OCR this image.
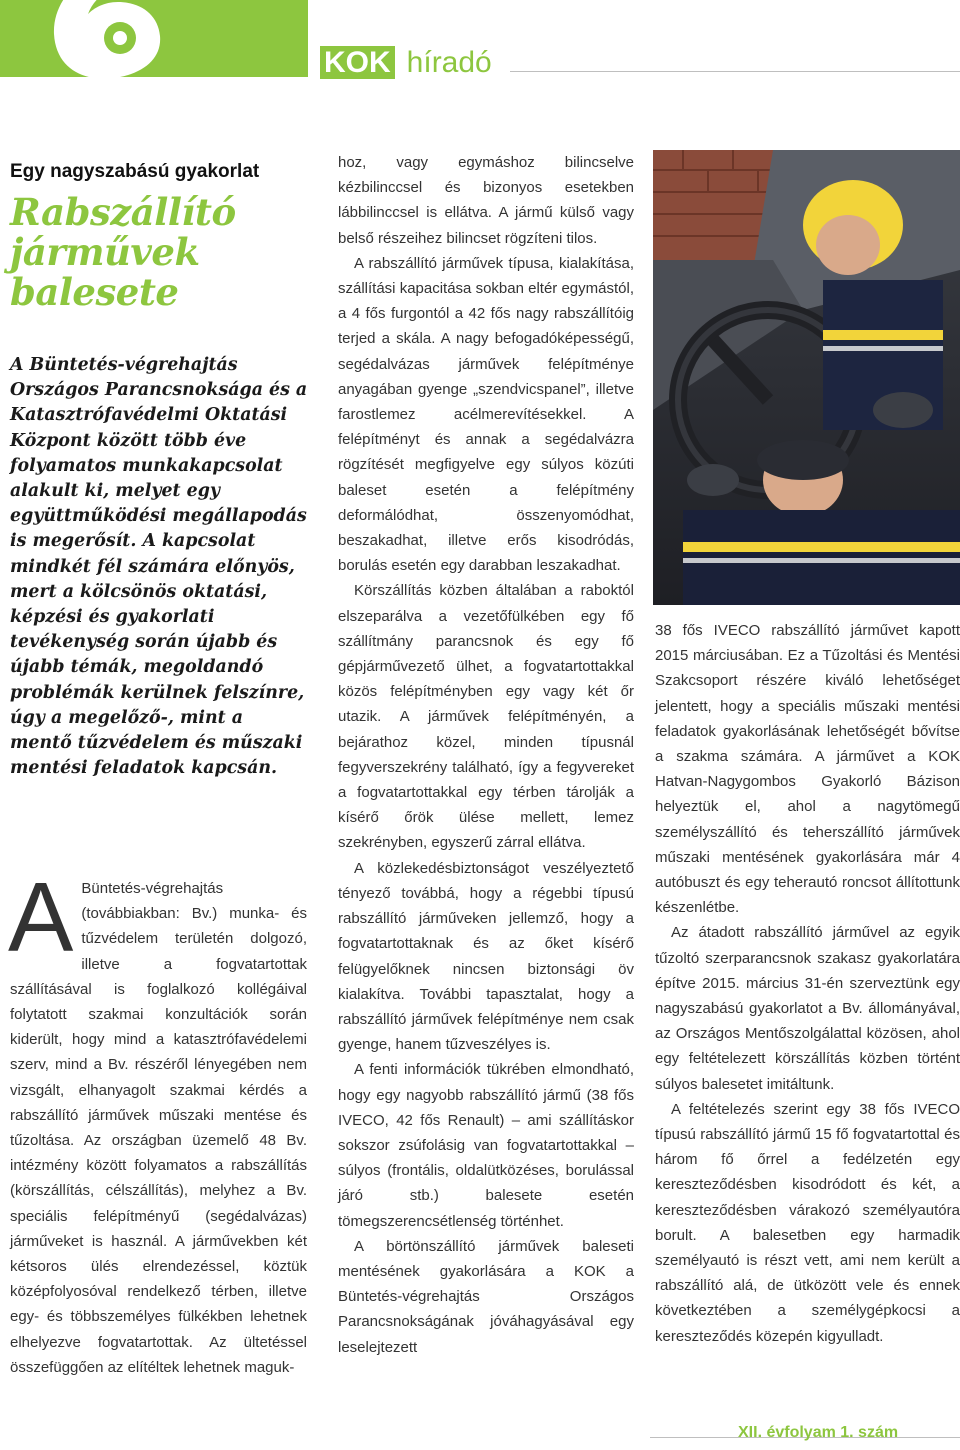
KOK híradó
Egy nagyszabású gyakorlat
Rabszállító járművek balesete

A Büntetés-végrehajtás Országos Parancsnoksága és a Katasztrófavédelmi Oktatási Központ között több éve folyamatos munkakapcsolat alakult ki, melyet egy együttműködési megállapodás is megerősít. A kapcsolat mindkét fél számára előnyös, mert a kölcsönös oktatási, képzési és gyakorlati tevékenység során újabb és újabb témák, megoldandó problémák kerülnek felszínre, úgy a megelőző-, mint a mentő tűzvédelem és műszaki mentési feladatok kapcsán.

A Büntetés-végrehajtás (továbbiakban: Bv.) munka- és tűzvédelem területén dolgozó, illetve a fogvatartottak szállításával is foglalkozó kollégáival folytatott szakmai konzultációk során kiderült, hogy mind a katasztrófavédelemi szerv, mind a Bv. részéről lényegében nem vizsgált, elhanyagolt szakmai kérdés a rabszállító járművek műszaki mentése és tűzoltása. Az országban üzemelő 48 Bv. intézmény között folyamatos a rabszállítás (körszállítás, célszállítás), melyhez a Bv. speciális felépítményű (segédalvázas) járműveket is használ. A járművekben két kétsoros ülés elrendezéssel, köztük középfolyosóval rendelkező térben, illetve egy- és többszemélyes fülkékben lehetnek elhelyezve fogvatartottak. Az ültetéssel összefüggően az elítéltek lehetnek maguk-

hoz, vagy egymáshoz bilincselve kézbilinccsel és bizonyos esetekben lábbilinccsel is ellátva. A jármű külső vagy belső részeihez bilincset rögzíteni tilos.

A rabszállító járművek típusa, kialakítása, szállítási kapacitása sokban eltér egymástól, a 4 fős furgontól a 42 fős nagy rabszállítóig terjed a skála. A nagy befogadóképességű, segédalvázas járművek felépítménye anyagában gyenge „szendvicspanel”, illetve farostlemez acélmerevítésekkel. A felépítményt és annak a segédalvázra rögzítését megfigyelve egy súlyos közúti baleset esetén a felépítmény deformálódhat, összenyomódhat, beszakadhat, illetve erős kisodródás, borulás esetén egy darabban leszakadhat.

Körszállítás közben általában a raboktól elszeparálva a vezetőfülkében egy fő szállítmány parancsnok és egy fő gépjárművezető ülhet, a fogvatartottakkal közös felépítményben egy vagy két őr utazik. A járművek felépítményén, a bejárathoz közel, minden típusnál fegyverszekrény található, így a fegyvereket a fogvatartottakkal egy térben tárolják a kísérő őrök ülése mellett, lemez szekrényben, egyszerű zárral ellátva.

A közlekedésbiztonságot veszélyeztető tényező továbbá, hogy a régebbi típusú rabszállító járműveken jellemző, hogy a fogvatartottaknak és az őket kísérő felügyelőknek nincsen biztonsági öv kialakítva. További tapasztalat, hogy a rabszállító járművek felépítménye nem csak gyenge, hanem tűzveszélyes is.

A fenti információk tükrében elmondható, hogy egy nagyobb rabszállító jármű (38 fős IVECO, 42 fős Renault) – ami szállításkor sokszor zsúfolásig van fogvatartottakkal – súlyos (frontális, oldalütközéses, borulással járó stb.) balesete esetén tömegszerencsétlenség történhet.

A börtönszállító járművek baleseti mentésének gyakorlására a KOK a Büntetés-végrehajtás Országos Parancsnokságának jóváhagyásával egy leselejtezett

38 fős IVECO rabszállító járművet kapott 2015 márciusában. Ez a Tűzoltási és Mentési Szakcsoport részére kiváló lehetőséget jelentett, hogy a speciális műszaki mentési feladatok gyakorlásának lehetőségét bővítse a szakma számára. A járművet a KOK Hatvan-Nagygombos Gyakorló Bázison helyeztük el, ahol a nagytömegű személyszállító és teherszállító járművek műszaki mentésének gyakorlására már 4 autóbuszt és egy teherautó roncsot állítottunk készenlétbe.

Az átadott rabszállító járművel az egyik tűzoltó szerparancsnok szakasz gyakorlatára építve 2015. március 31-én szerveztünk egy nagyszabású gyakorlatot a Bv. állományával, az Országos Mentőszolgálattal közösen, ahol egy feltételezett körszállítás közben történt súlyos balesetet imitáltunk.

A feltételezés szerint egy 38 fős IVECO típusú rabszállító jármű 15 fő fogvatartottal és három fő őrrel a fedélzetén egy kereszteződésben kisodródott és két, a kereszteződésben várakozó személyautóra borult. A balesetben egy harmadik személyautó is részt vett, ami nem került a rabszállító alá, de ütközött vele és ennek következtében a személygépkocsi a kereszteződés közepén kigyulladt.

XII. évfolyam 1. szám
